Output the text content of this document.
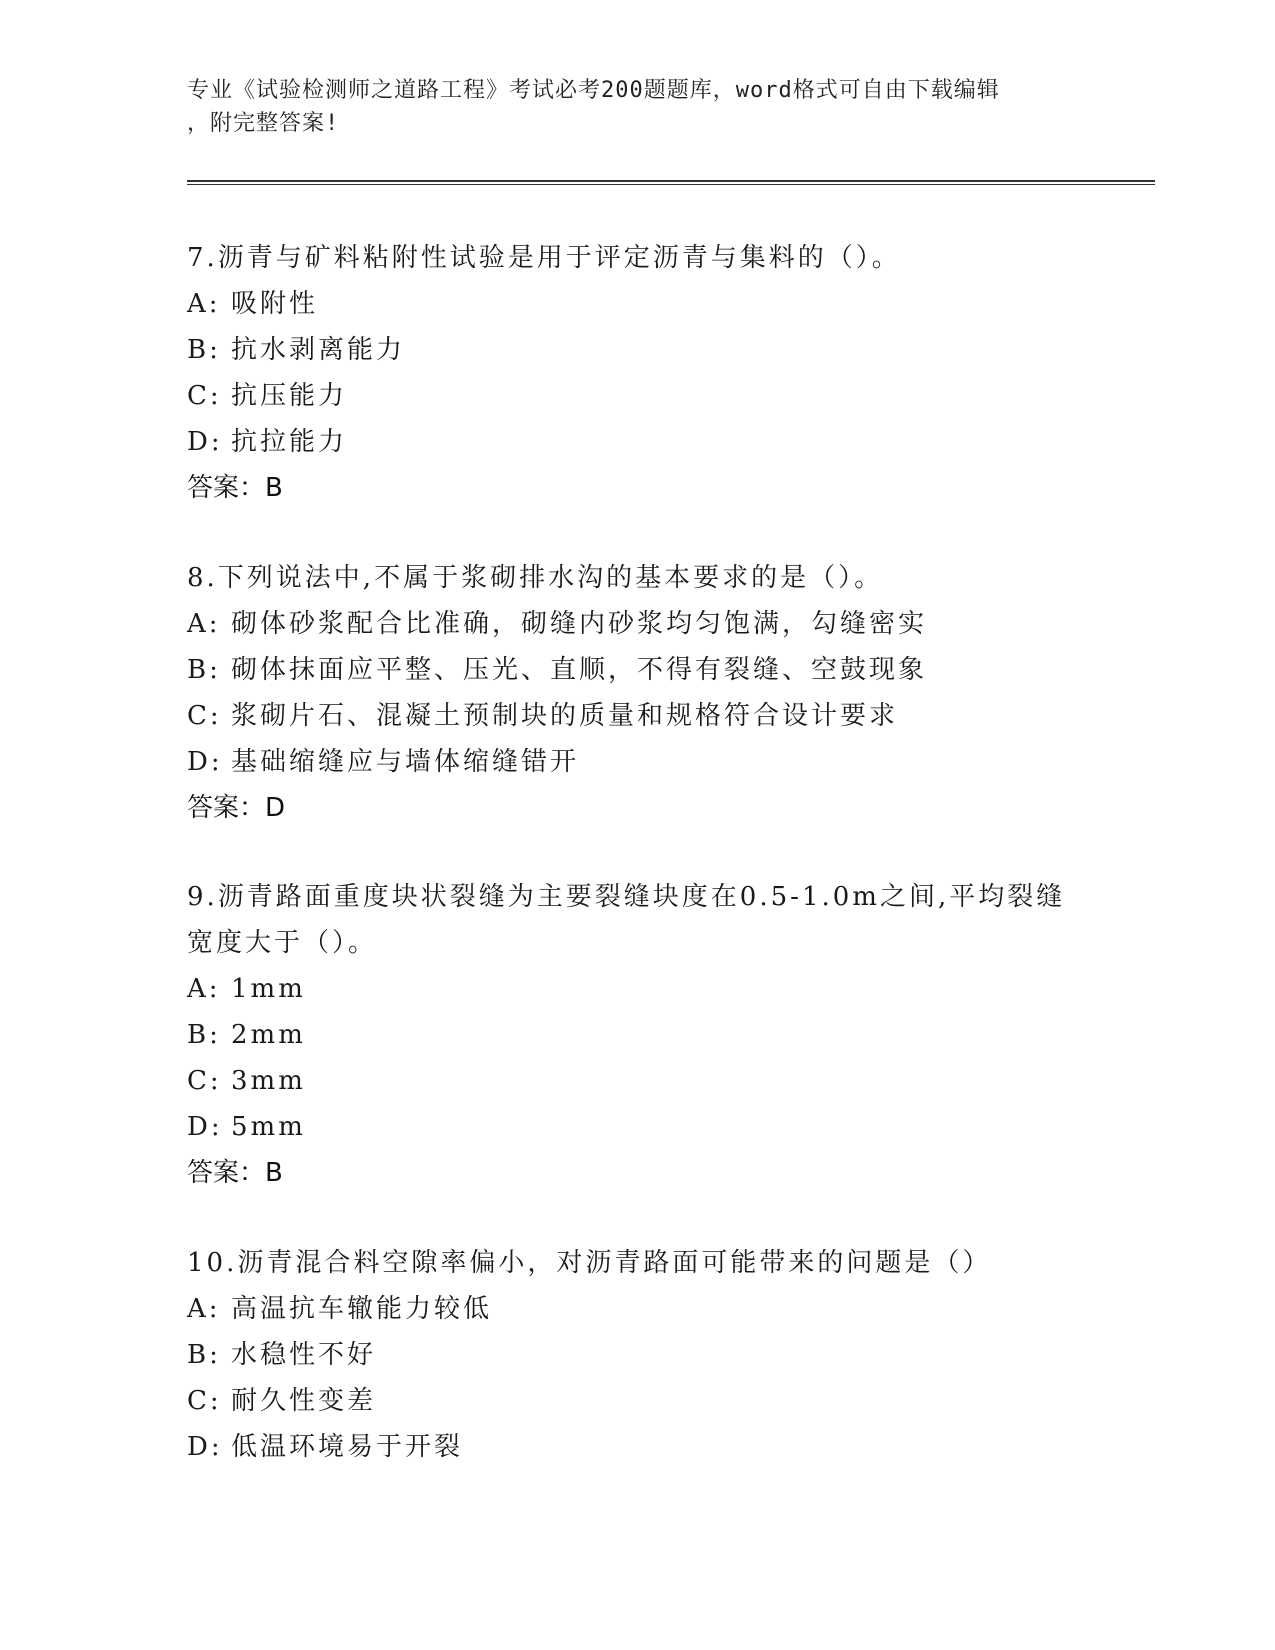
专业《试验检测师之道路工程》考试必考200题题库，word格式可自由下载编辑
，附完整答案!

7.沥青与矿料粘附性试验是用于评定沥青与集料的（）。

A: 吸附性

B: 抗水剥离能力

C: 抗压能力

D: 抗拉能力

答案：B

8.下列说法中,不属于浆砌排水沟的基本要求的是（）。

A: 砌体砂浆配合比准确，砌缝内砂浆均匀饱满，勾缝密实

B: 砌体抹面应平整、压光、直顺，不得有裂缝、空鼓现象

C: 浆砌片石、混凝土预制块的质量和规格符合设计要求

D: 基础缩缝应与墙体缩缝错开

答案：D

9.沥青路面重度块状裂缝为主要裂缝块度在0.5-1.0m之间,平均裂缝宽度大于（）。

A: 1mm

B: 2mm

C: 3mm

D: 5mm

答案：B

10.沥青混合料空隙率偏小，对沥青路面可能带来的问题是（）

A: 高温抗车辙能力较低

B: 水稳性不好

C: 耐久性变差

D: 低温环境易于开裂
